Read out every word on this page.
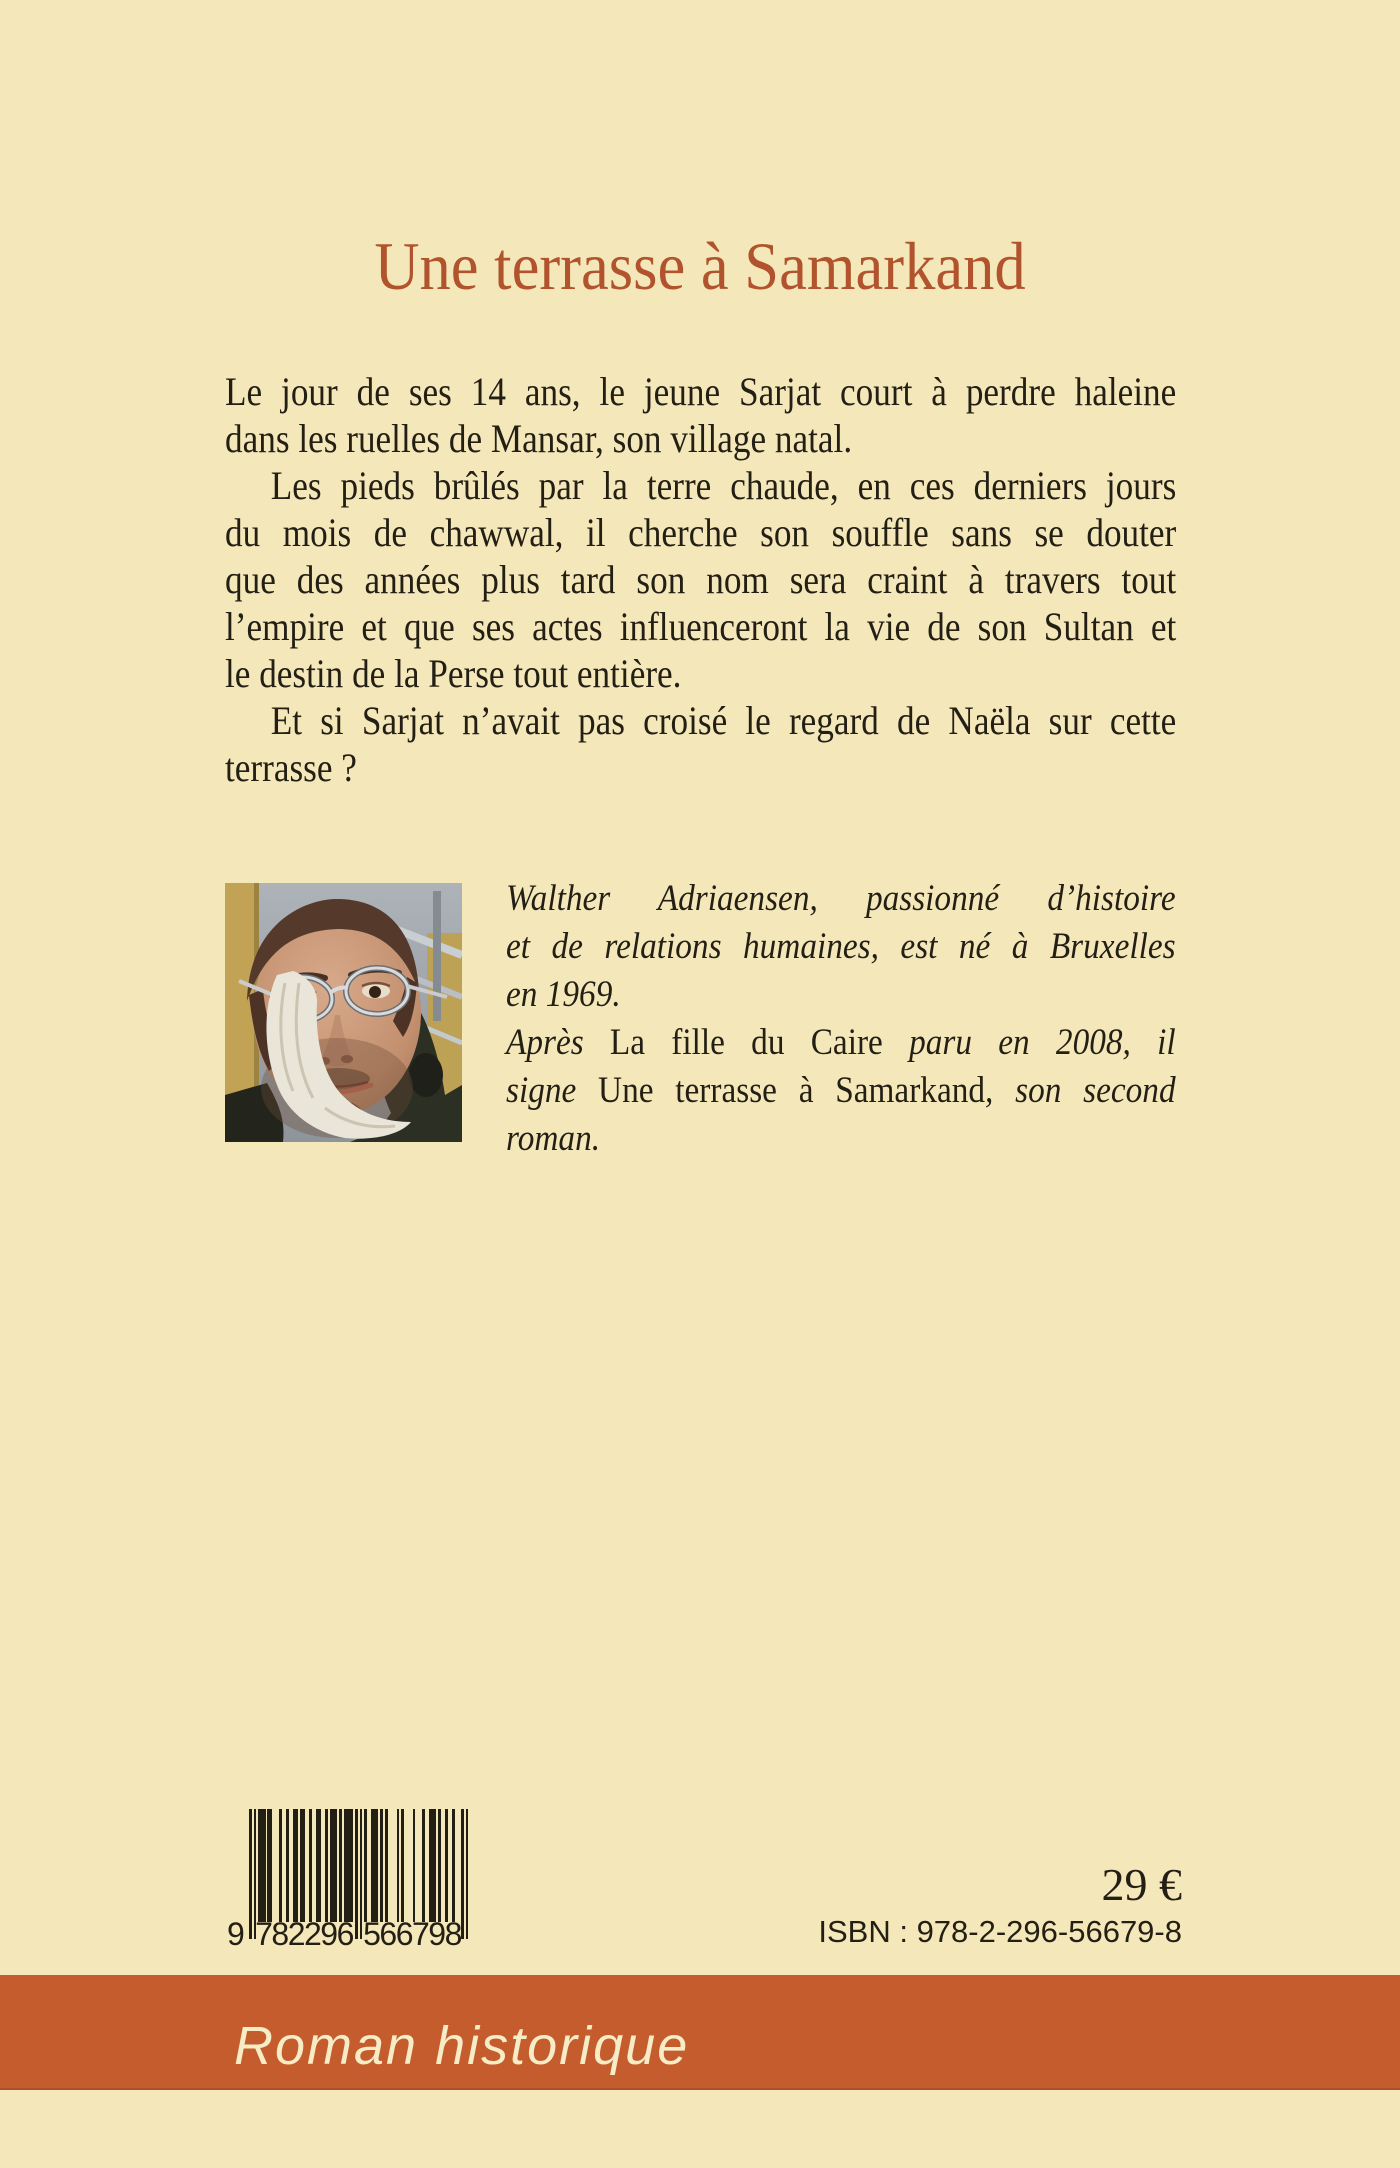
Une terrasse à Samarkand
Le jour de ses 14 ans, le jeune Sarjat court à perdre haleine
dans les ruelles de Mansar, son village natal.
Les pieds brûlés par la terre chaude, en ces derniers jours
du mois de chawwal, il cherche son souffle sans se douter
que des années plus tard son nom sera craint à travers tout
l’empire et que ses actes influenceront la vie de son Sultan et
le destin de la Perse tout entière.
Et si Sarjat n’avait pas croisé le regard de Naëla sur cette
terrasse ?
Walther Adriaensen, passionné d’histoire
et de relations humaines, est né à Bruxelles
en 1969.
Après La fille du Caire paru en 2008, il
signe Une terrasse à Samarkand, son second
roman.
9 782296 566798
29 €
ISBN : 978-2-296-56679-8
Roman historique
